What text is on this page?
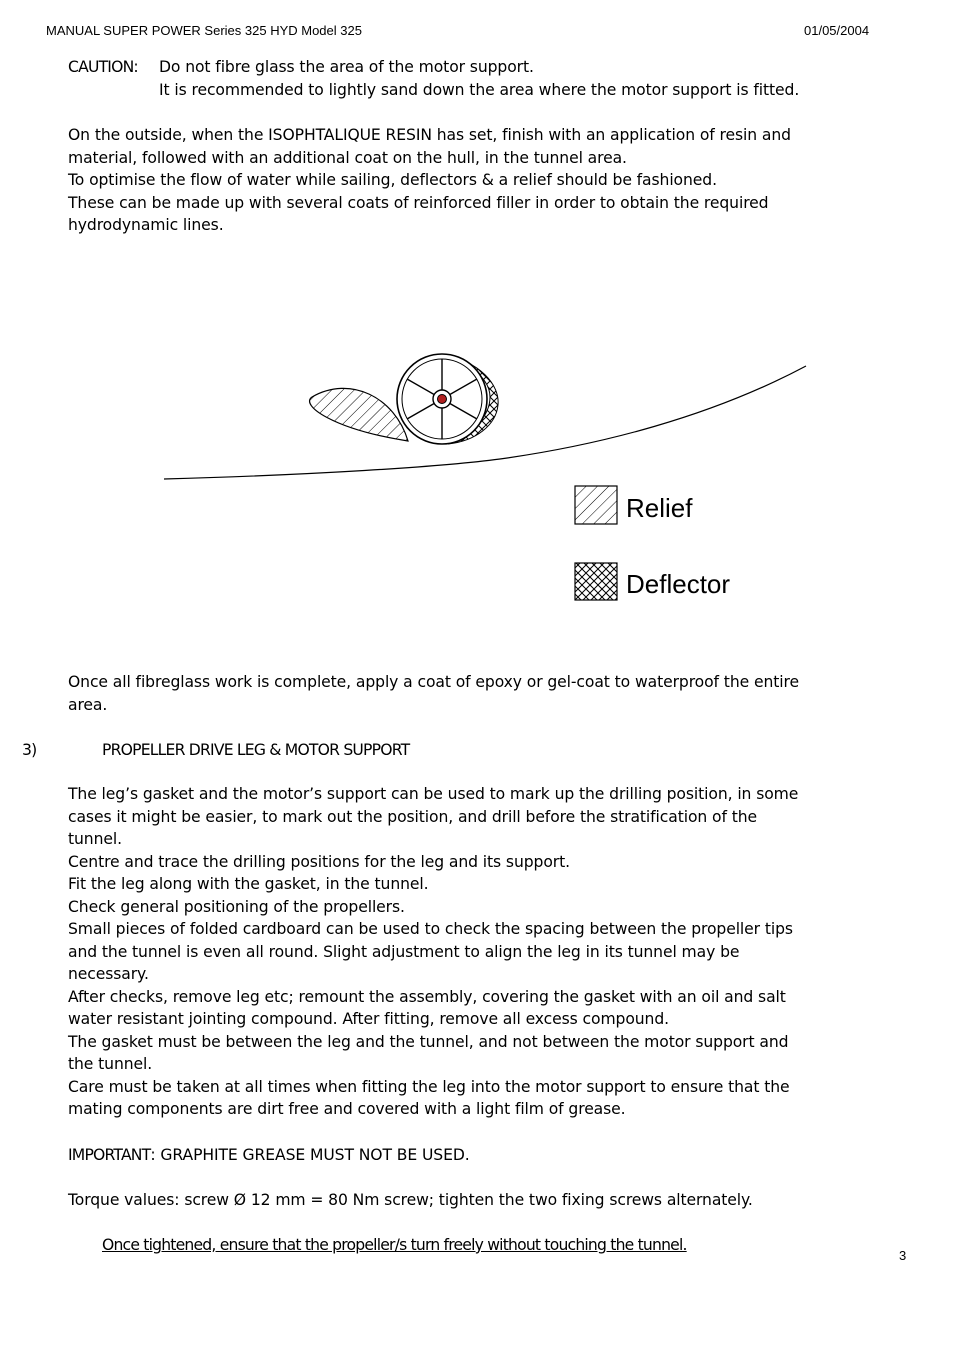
MANUAL SUPER POWER Series 325 HYD Model 325	01/05/2004
CAUTION: Do not fibre glass the area of the motor support.
It is recommended to lightly sand down the area where the motor support is fitted.
On the outside, when the ISOPHTALIQUE RESIN has set, finish with an application of resin and
material, followed with an additional coat on the hull, in the tunnel area.
To optimise the flow of water while sailing, deflectors & a relief should be fashioned.
These can be made up with several coats of reinforced filler in order to obtain the required
hydrodynamic lines.
Relief
Deflector
Once all fibreglass work is complete, apply a coat of epoxy or gel-coat to waterproof the entire
area.
3)	PROPELLER DRIVE LEG & MOTOR SUPPORT
The leg’s gasket and the motor’s support can be used to mark up the drilling position, in some
cases it might be easier, to mark out the position, and drill before the stratification of the
tunnel.
Centre and trace the drilling positions for the leg and its support.
Fit the leg along with the gasket, in the tunnel.
Check general positioning of the propellers.
Small pieces of folded cardboard can be used to check the spacing between the propeller tips
and the tunnel is even all round. Slight adjustment to align the leg in its tunnel may be
necessary.
After checks, remove leg etc; remount the assembly, covering the gasket with an oil and salt
water resistant jointing compound. After fitting, remove all excess compound.
The gasket must be between the leg and the tunnel, and not between the motor support and
the tunnel.
Care must be taken at all times when fitting the leg into the motor support to ensure that the
mating components are dirt free and covered with a light film of grease.
IMPORTANT: GRAPHITE GREASE MUST NOT BE USED.
Torque values: screw Ø 12 mm = 80 Nm screw; tighten the two fixing screws alternately.
Once tightened, ensure that the propeller/s turn freely without touching the tunnel.
3
